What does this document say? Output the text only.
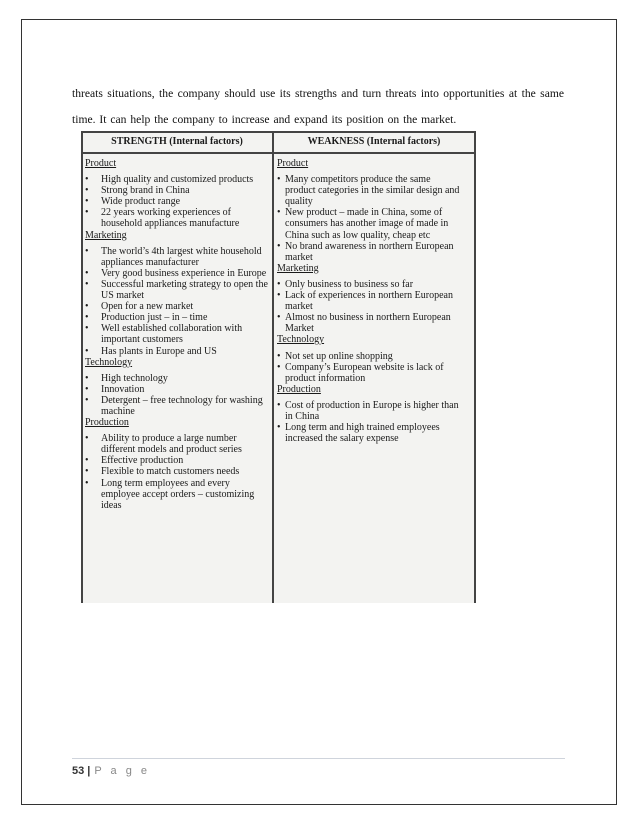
threats situations, the company should use its strengths and turn threats into opportunities at the same time. It can help the company to increase and expand its position on the market.

STRENGTH (Internal factors)	WEAKNESS (Internal factors)
Product
• High quality and customized products
• Strong brand in China
• Wide product range
• 22 years working experiences of household appliances manufacture
Marketing
• The world’s 4th largest white household appliances manufacturer
• Very good business experience in Europe
• Successful marketing strategy to open the US market
• Open for a new market
• Production just – in – time
• Well established collaboration with important customers
• Has plants in Europe and US
Technology
• High technology
• Innovation
• Detergent – free technology for washing machine
Production
• Ability to produce a large number different models and product series
• Effective production
• Flexible to match customers needs
• Long term employees and every employee accept orders – customizing ideas
Product
• Many competitors produce the same product categories in the similar design and quality
• New product – made in China, some of consumers has another image of made in China such as low quality, cheap etc
• No brand awareness in northern European market
Marketing
• Only business to business so far
• Lack of experiences in northern European market
• Almost no business in northern European Market
Technology
• Not set up online shopping
• Company’s European website is lack of product information
Production
• Cost of production in Europe is higher than in China
• Long term and high trained employees increased the salary expense
53 | P a g e
